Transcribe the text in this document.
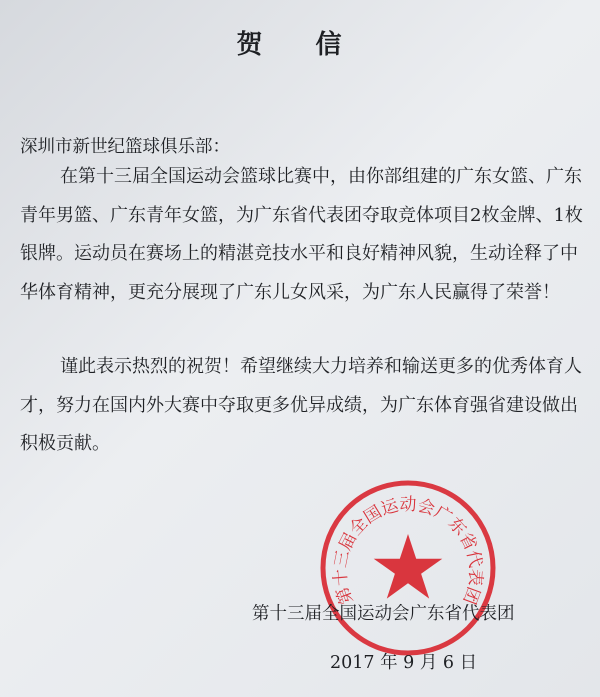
贺 信
深圳市新世纪篮球俱乐部：

在第十三届全国运动会篮球比赛中，由你部组建的广东女篮、广东青年男篮、广东青年女篮，为广东省代表团夺取竞体项目2枚金牌、1枚银牌。运动员在赛场上的精湛竞技水平和良好精神风貌，生动诠释了中华体育精神，更充分展现了广东儿女风采，为广东人民赢得了荣誉！

谨此表示热烈的祝贺！希望继续大力培养和输送更多的优秀体育人才，努力在国内外大赛中夺取更多优异成绩，为广东体育强省建设做出积极贡献。

第十三届全国运动会广东省代表团
第十三届全国运动会广东省代表团
2017 年 9 月 6 日
